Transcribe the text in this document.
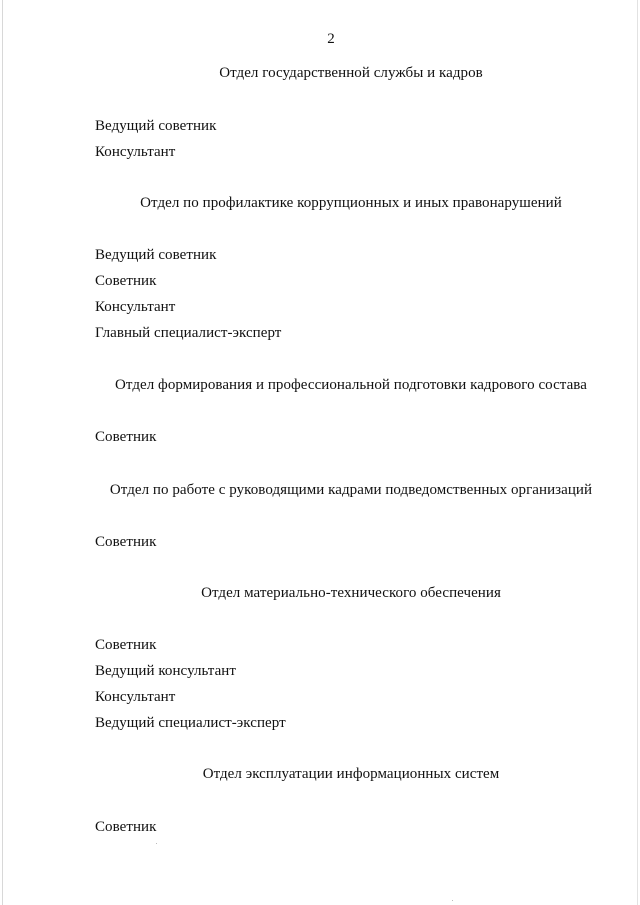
2
Отдел государственной службы и кадров
Ведущий советник
Консультант
Отдел по профилактике коррупционных и иных правонарушений
Ведущий советник
Советник
Консультант
Главный специалист-эксперт
Отдел формирования и профессиональной подготовки кадрового состава
Советник
Отдел по работе с руководящими кадрами подведомственных организаций
Советник
Отдел материально-технического обеспечения
Советник
Ведущий консультант
Консультант
Ведущий специалист-эксперт
Отдел эксплуатации информационных систем
Советник
